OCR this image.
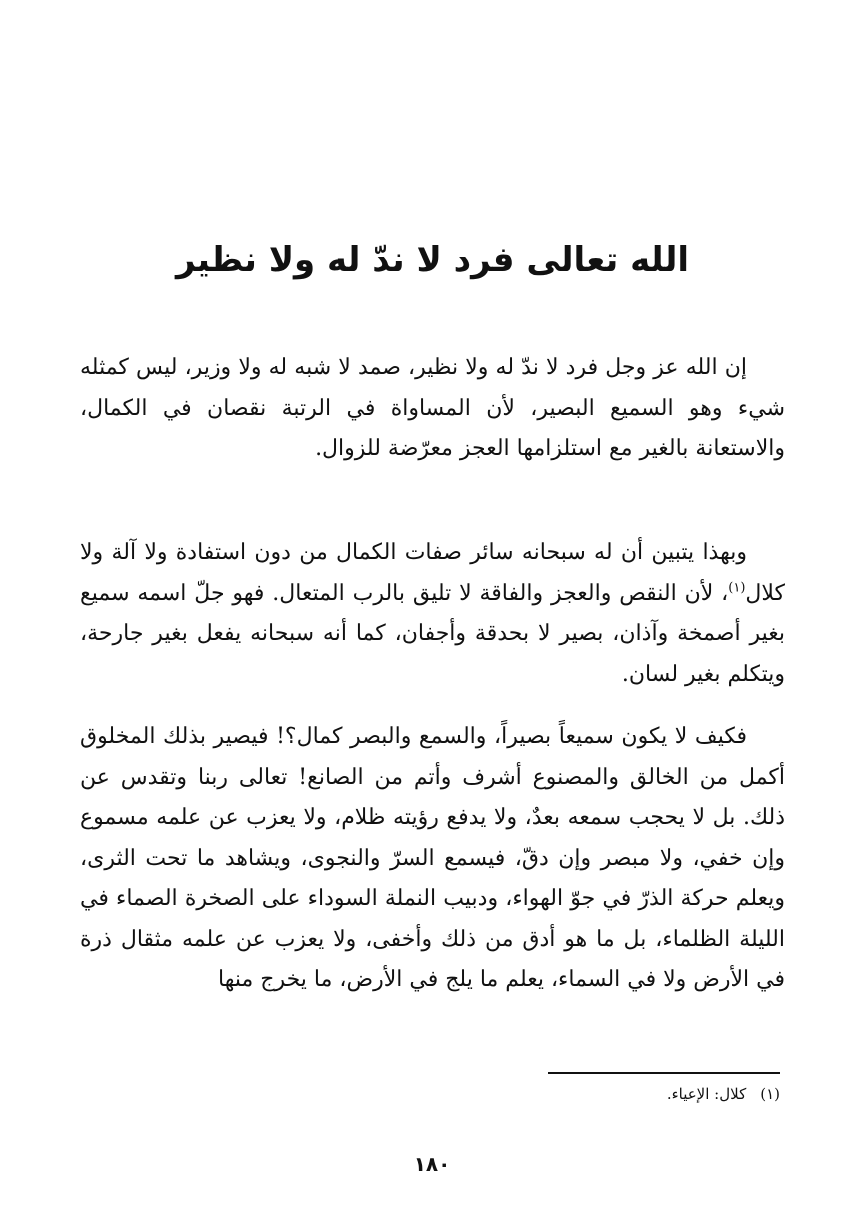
الله تعالى فرد لا ندّ له ولا نظير

إن الله عز وجل فرد لا ندّ له ولا نظير، صمد لا شبه له ولا وزير، ليس كمثله شيء وهو السميع البصير، لأن المساواة في الرتبة نقصان في الكمال، والاستعانة بالغير مع استلزامها العجز معرّضة للزوال.

وبهذا يتبين أن له سبحانه سائر صفات الكمال من دون استفادة ولا آلة ولا كلال$^{(١)}$، لأن النقص والعجز والفاقة لا تليق بالرب المتعال. فهو جلّ اسمه سميع بغير أصمخة وآذان، بصير لا بحدقة وأجفان، كما أنه سبحانه يفعل بغير جارحة، ويتكلم بغير لسان.

فكيف لا يكون سميعاً بصيراً، والسمع والبصر كمال؟! فيصير بذلك المخلوق أكمل من الخالق والمصنوع أشرف وأتم من الصانع! تعالى ربنا وتقدس عن ذلك. بل لا يحجب سمعه بعدٌ، ولا يدفع رؤيته ظلام، ولا يعزب عن علمه مسموع وإن خفي، ولا مبصر وإن دقّ، فيسمع السرّ والنجوى، ويشاهد ما تحت الثرى، ويعلم حركة الذرّ في جوّ الهواء، ودبيب النملة السوداء على الصخرة الصماء في الليلة الظلماء، بل ما هو أدق من ذلك وأخفى، ولا يعزب عن علمه مثقال ذرة في الأرض ولا في السماء، يعلم ما يلج في الأرض، ما يخرج منها

(١)كلال: الإعياء.

١٨٠
